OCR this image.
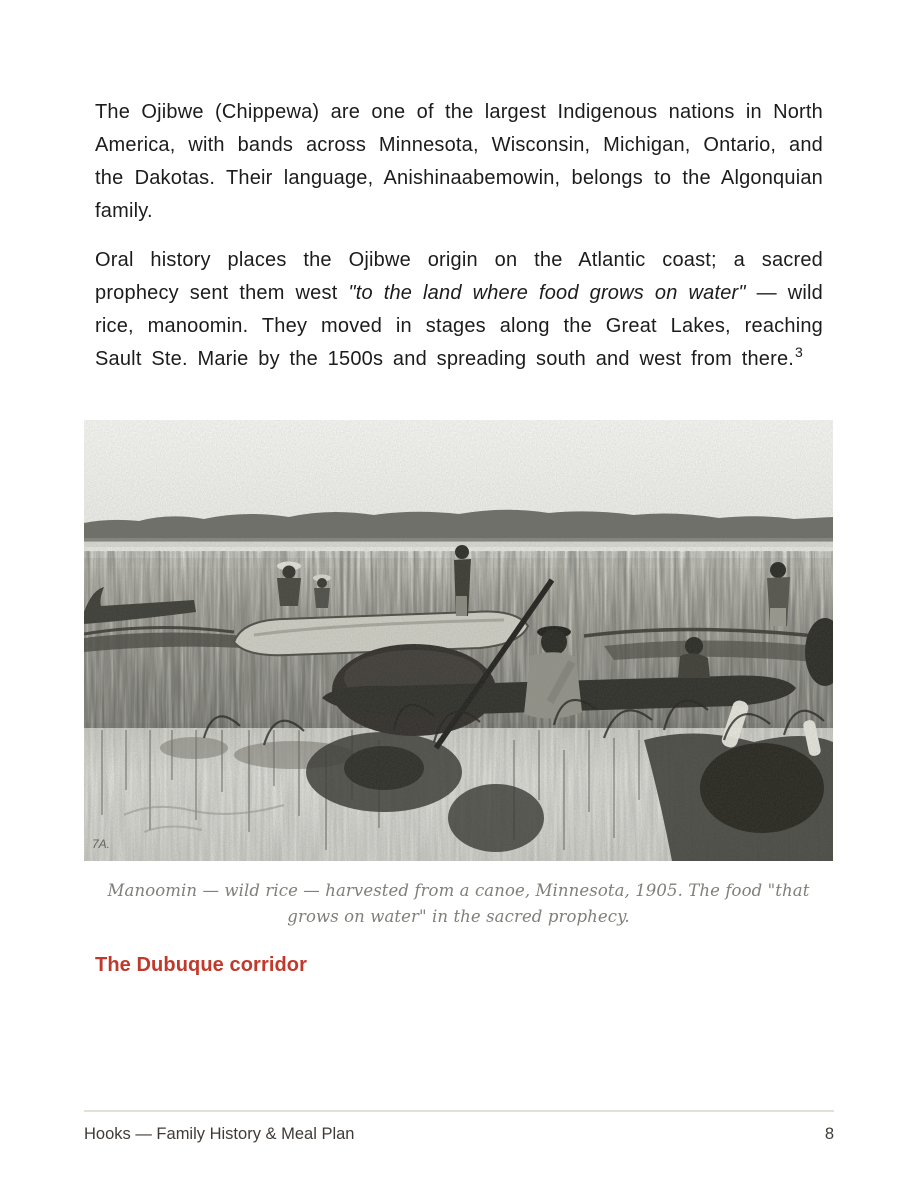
The Ojibwe (Chippewa) are one of the largest Indigenous nations in North America, with bands across Minnesota, Wisconsin, Michigan, Ontario, and the Dakotas. Their language, Anishinaabemowin, belongs to the Algonquian family.

Oral history places the Ojibwe origin on the Atlantic coast; a sacred prophecy sent them west "to the land where food grows on water" — wild rice, manoomin. They moved in stages along the Great Lakes, reaching Sault Ste. Marie by the 1500s and spreading south and west from there.$^3$

7A.
Manoomin — wild rice — harvested from a canoe, Minnesota, 1905. The food "that grows on water" in the sacred prophecy.
The Dubuque corridor
Hooks — Family History & Meal Plan	8
